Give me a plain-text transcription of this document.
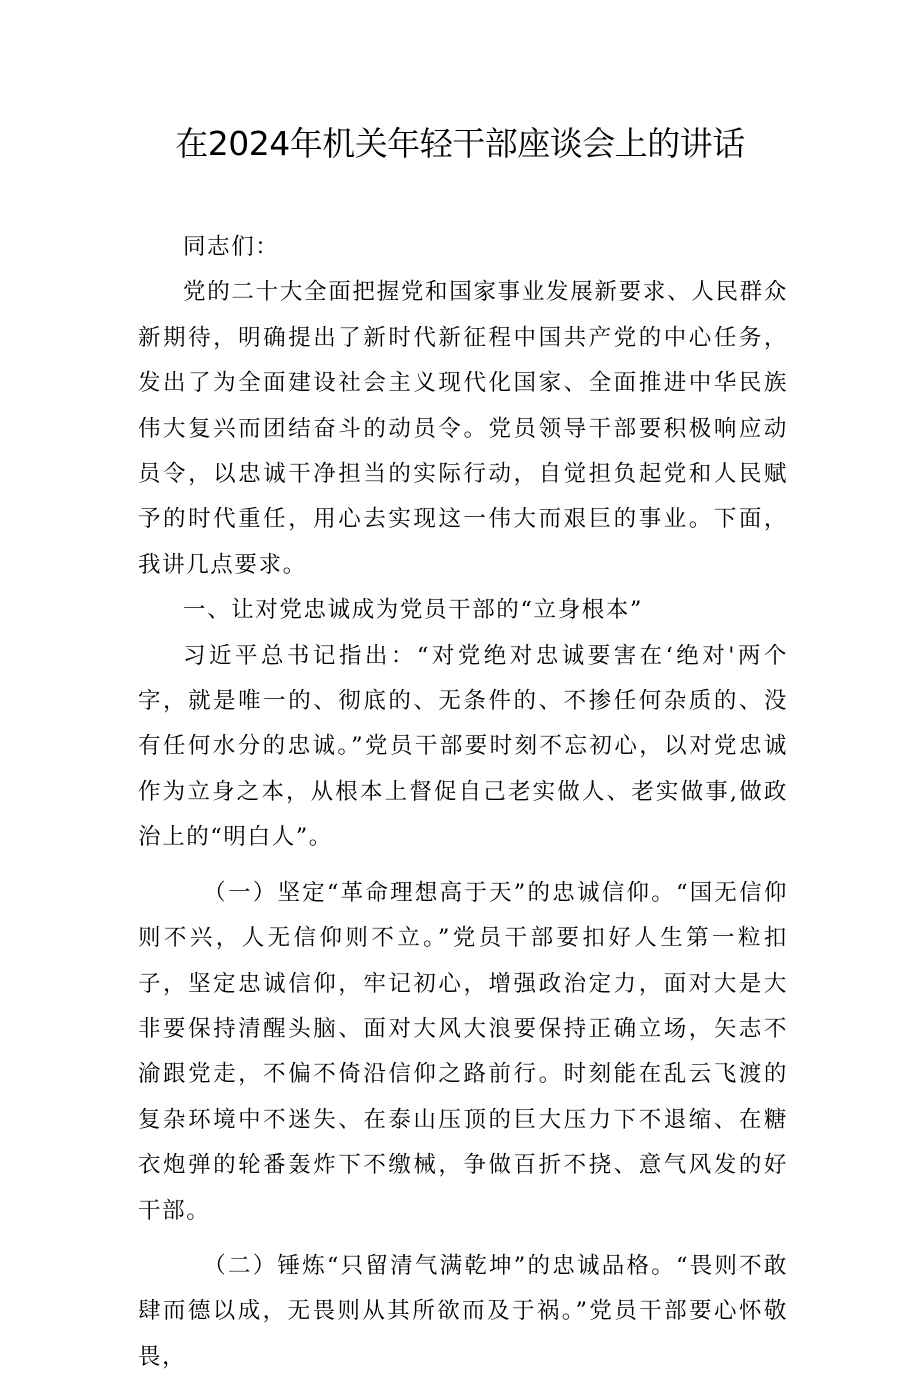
在2024年机关年轻干部座谈会上的讲话

同志们：

党的二十大全面把握党和国家事业发展新要求、人民群众新期待，明确提出了新时代新征程中国共产党的中心任务，发出了为全面建设社会主义现代化国家、全面推进中华民族伟大复兴而团结奋斗的动员令。党员领导干部要积极响应动员令，以忠诚干净担当的实际行动，自觉担负起党和人民赋予的时代重任，用心去实现这一伟大而艰巨的事业。下面，我讲几点要求。

一、让对党忠诚成为党员干部的“立身根本”

习近平总书记指出：“对党绝对忠诚要害在‘绝对'两个字，就是唯一的、彻底的、无条件的、不掺任何杂质的、没有任何水分的忠诚。”党员干部要时刻不忘初心，以对党忠诚作为立身之本，从根本上督促自己老实做人、老实做事,做政治上的“明白人”。

（一）坚定“革命理想高于天”的忠诚信仰。“国无信仰则不兴，人无信仰则不立。”党员干部要扣好人生第一粒扣子，坚定忠诚信仰，牢记初心，增强政治定力，面对大是大非要保持清醒头脑、面对大风大浪要保持正确立场，矢志不渝跟党走，不偏不倚沿信仰之路前行。时刻能在乱云飞渡的复杂环境中不迷失、在泰山压顶的巨大压力下不退缩、在糖衣炮弹的轮番轰炸下不缴械，争做百折不挠、意气风发的好干部。

（二）锤炼“只留清气满乾坤”的忠诚品格。“畏则不敢肆而德以成，无畏则从其所欲而及于祸。”党员干部要心怀敬畏，
